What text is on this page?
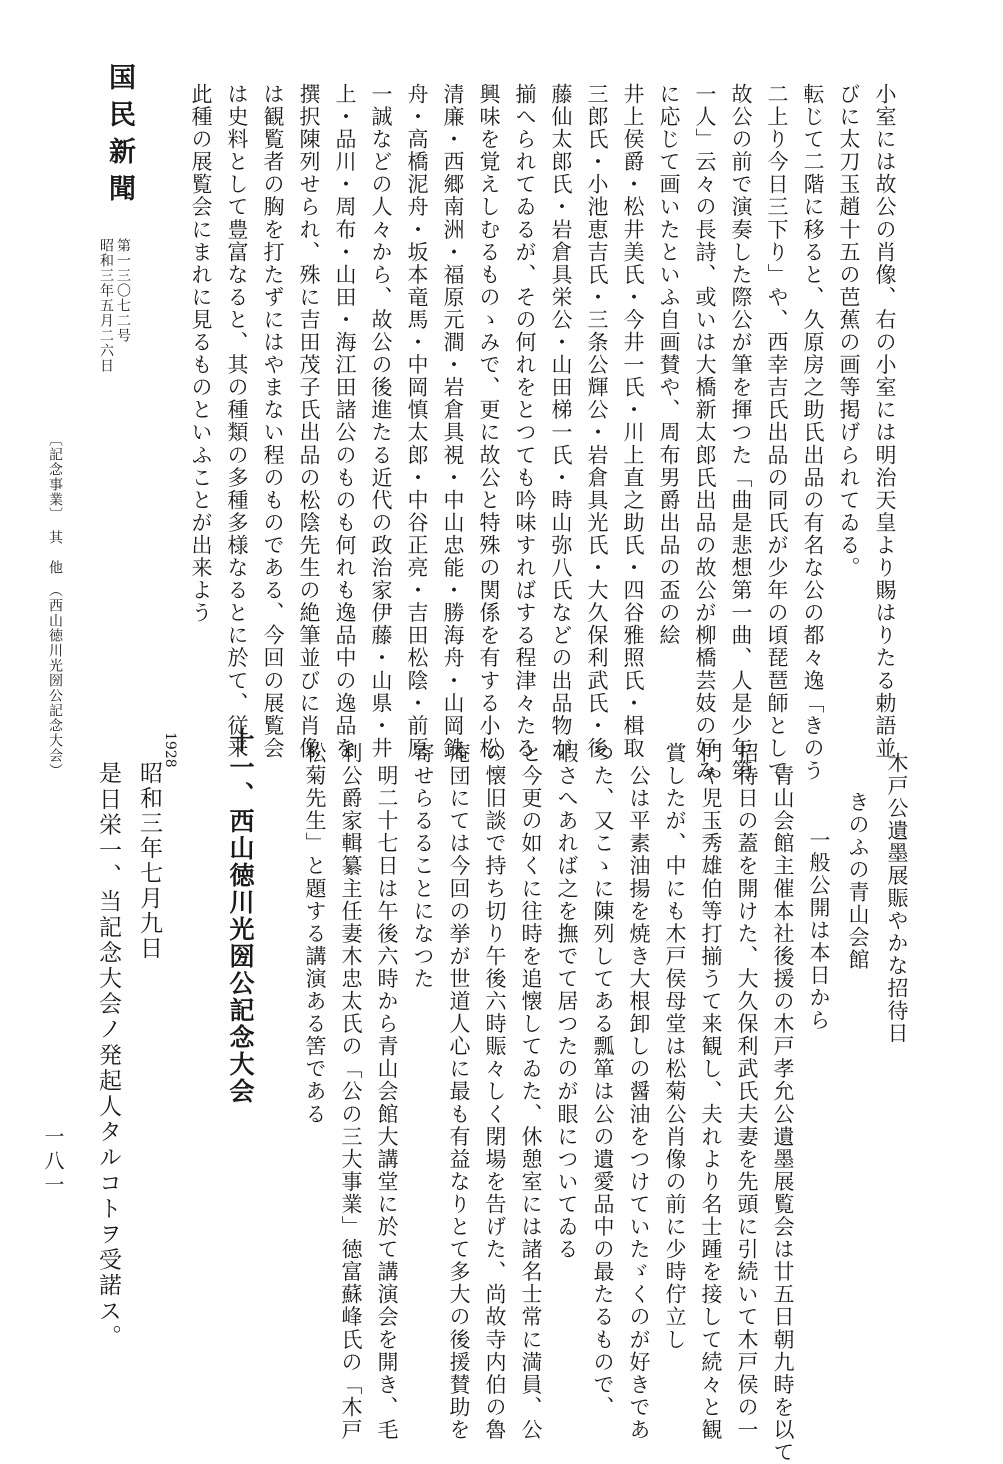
国民新聞
第一三〇七二号
昭和三年五月二六日
〔記念事業〕　其　他　（西山徳川光圀公記念大会）	小室には故公の肖像、右の小室には明治天皇より賜はりたる勅語並
びに太刀玉趙十五の芭蕉の画等掲げられてゐる。
転じて二階に移ると、久原房之助氏出品の有名な公の都々逸「きのう
二上り今日三下り」や、西幸吉氏出品の同氏が少年の頃琵琶師として
故公の前で演奏した際公が筆を揮つた「曲是悲想第一曲、人是少年第
一人」云々の長詩、或いは大橋新太郎氏出品の故公が柳橋芸妓の好み
に応じて画いたといふ自画賛や、周布男爵出品の盃の絵
井上侯爵・松井美氏・今井一氏・川上直之助氏・四谷雅照氏・楫取
三郎氏・小池恵吉氏・三条公輝公・岩倉具光氏・大久保利武氏・後
藤仙太郎氏・岩倉具栄公・山田梯一氏・時山弥八氏などの出品物が
揃へられてゐるが、その何れをとつても吟味すればする程津々たる
興味を覚えしむるものゝみで、更に故公と特殊の関係を有する小松
清廉・西郷南洲・福原元澗・岩倉具視・中山忠能・勝海舟・山岡鉄
舟・高橋泥舟・坂本竜馬・中岡慎太郎・中谷正亮・吉田松陰・前原
一誠などの人々から、故公の後進たる近代の政治家伊藤・山県・井
上・品川・周布・山田・海江田諸公のものも何れも逸品中の逸品を
撰択陳列せられ、殊に吉田茂子氏出品の松陰先生の絶筆並びに肖像
は観覧者の胸を打たずにはやまない程のものである、今回の展覧会
は史料として豊富なると、其の種類の多種多様なるとに於て、従来
此種の展覧会にまれに見るものといふことが出来よう
木戸公遺墨展賑やかな招待日
きのふの青山会館
一般公開は本日から
　青山会館主催本社後援の木戸孝允公遺墨展覧会は廿五日朝九時を以て
招待日の蓋を開けた、大久保利武氏夫妻を先頭に引続いて木戸侯の一
門や児玉秀雄伯等打揃うて来観し、夫れより名士踵を接して続々と観
賞したが、中にも木戸侯母堂は松菊公肖像の前に少時佇立し
　公は平素油揚を焼き大根卸しの醤油をつけていたゞくのが好きであ
つた、又こゝに陳列してある瓢箪は公の遺愛品中の最たるもので、
暇さへあれば之を撫でて居つたのが眼についてゐる
と今更の如くに往時を追懐してゐた、休憩室には諸名士常に満員、公
の懐旧談で持ち切り午後六時賑々しく閉場を告げた、尚故寺内伯の魯
庵団にては今回の挙が世道人心に最も有益なりとて多大の後援賛助を
寄せらるることになつた
　明二十七日は午後六時から青山会館大講堂に於て講演会を開き、毛
利公爵家輯纂主任妻木忠太氏の「公の三大事業」徳富蘇峰氏の「木戸
松菊先生」と題する講演ある筈である
十一、西山徳川光圀公記念大会
1928
昭和三年七月九日
是日栄一、当記念大会ノ発起人タルコトヲ受諾ス。
一八一
